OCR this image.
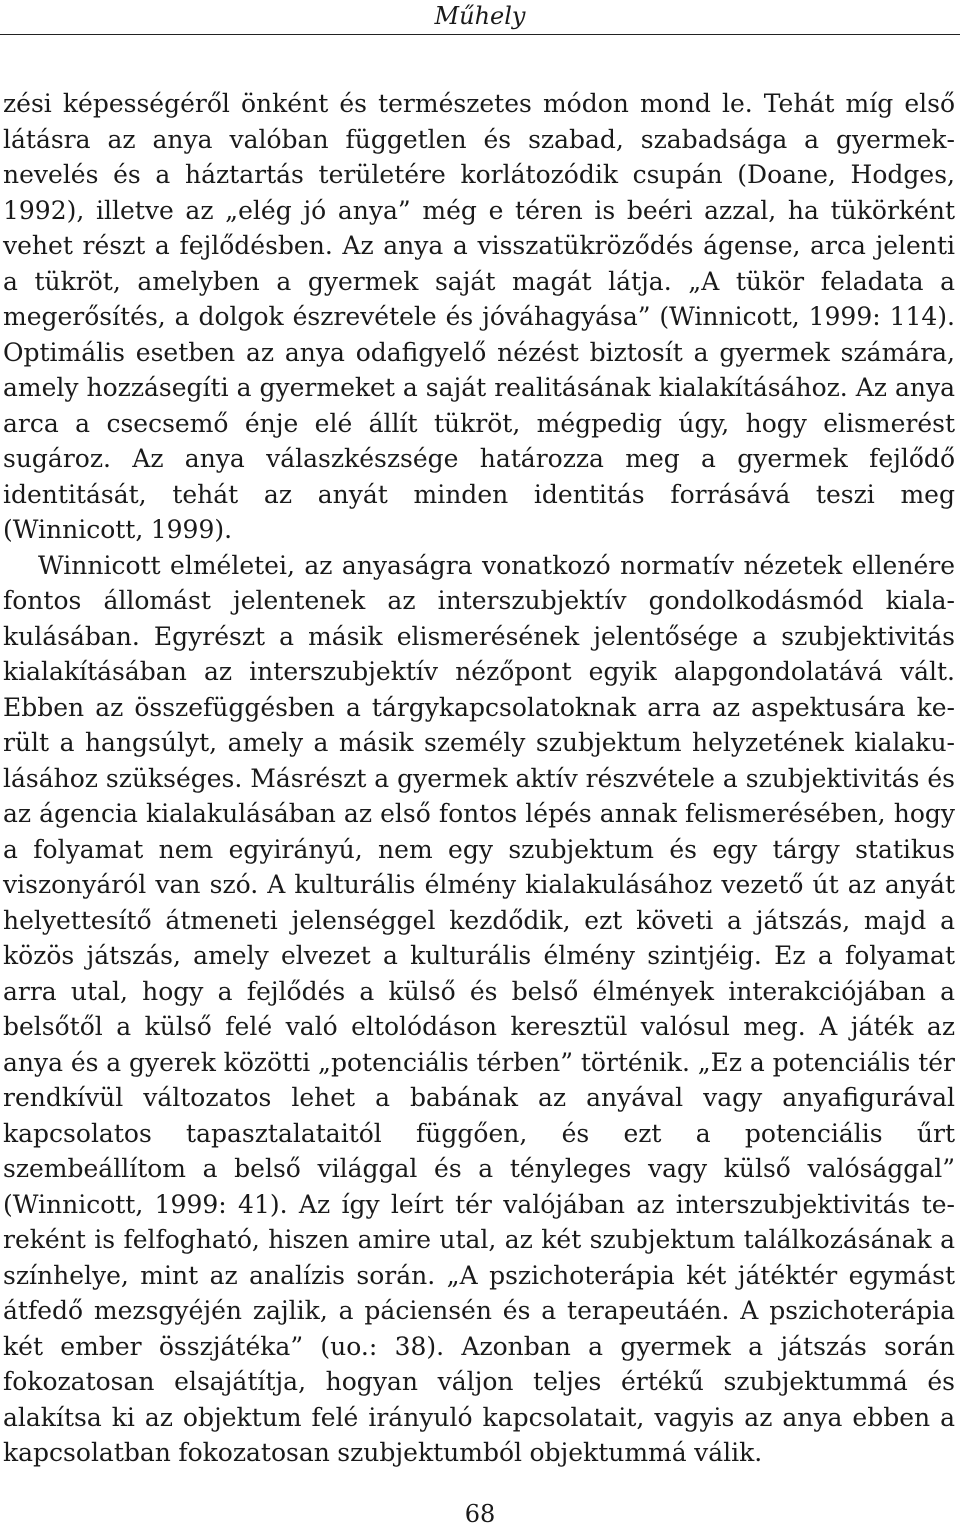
Műhely

zési képességéről önként és természetes módon mond le. Tehát míg első látásra az anya valóban független és szabad, szabadsága a gyermeknevelés és a háztartás területére korlátozódik csupán (Doane, Hodges, 1992), illetve az „elég jó anya” még e téren is beéri azzal, ha tükörként vehet részt a fejlődésben. Az anya a visszatükröződés ágense, arca jelenti a tükröt, amelyben a gyermek saját magát látja. „A tükör feladata a megerősítés, a dolgok észrevétele és jóváhagyása” (Winnicott, 1999: 114). Optimális esetben az anya odafigyelő nézést biztosít a gyermek számára, amely hozzásegíti a gyermeket a saját realitásának kialakításához. Az anya arca a csecsemő énje elé állít tükröt, mégpedig úgy, hogy elismerést sugároz. Az anya válaszkészsége határozza meg a gyermek fejlődő identitását, tehát az anyát minden identitás forrásává teszi meg (Winnicott, 1999).

Winnicott elméletei, az anyaságra vonatkozó normatív nézetek ellenére fontos állomást jelentenek az interszubjektív gondolkodásmód kialakulásában. Egyrészt a másik elismerésének jelentősége a szubjektivitás kialakításában az interszubjektív nézőpont egyik alapgondolatává vált. Ebben az összefüggésben a tárgykapcsolatoknak arra az aspektusára került a hangsúlyt, amely a másik személy szubjektum helyzetének kialakulásához szükséges. Másrészt a gyermek aktív részvétele a szubjektivitás és az ágencia kialakulásában az első fontos lépés annak felismerésében, hogy a folyamat nem egyirányú, nem egy szubjektum és egy tárgy statikus viszonyáról van szó. A kulturális élmény kialakulásához vezető út az anyát helyettesítő átmeneti jelenséggel kezdődik, ezt követi a játszás, majd a közös játszás, amely elvezet a kulturális élmény szintjéig. Ez a folyamat arra utal, hogy a fejlődés a külső és belső élmények interakciójában a belsőtől a külső felé való eltolódáson keresztül valósul meg. A játék az anya és a gyerek közötti „potenciális térben” történik. „Ez a potenciális tér rendkívül változatos lehet a babának az anyával vagy anyafigurával kapcsolatos tapasztalataitól függően, és ezt a potenciális űrt szembeállítom a belső világgal és a tényleges vagy külső valósággal” (Winnicott, 1999: 41). Az így leírt tér valójában az interszubjektivitás tereként is felfogható, hiszen amire utal, az két szubjektum találkozásának a színhelye, mint az analízis során. „A pszichoterápia két játéktér egymást átfedő mezsgyéjén zajlik, a páciensén és a terapeutáén. A pszichoterápia két ember összjátéka” (uo.: 38). Azonban a gyermek a játszás során fokozatosan elsajátítja, hogyan váljon teljes értékű szubjektummá és alakítsa ki az objektum felé irányuló kapcsolatait, vagyis az anya ebben a kapcsolatban fokozatosan szubjektumból objektummá válik.

68
